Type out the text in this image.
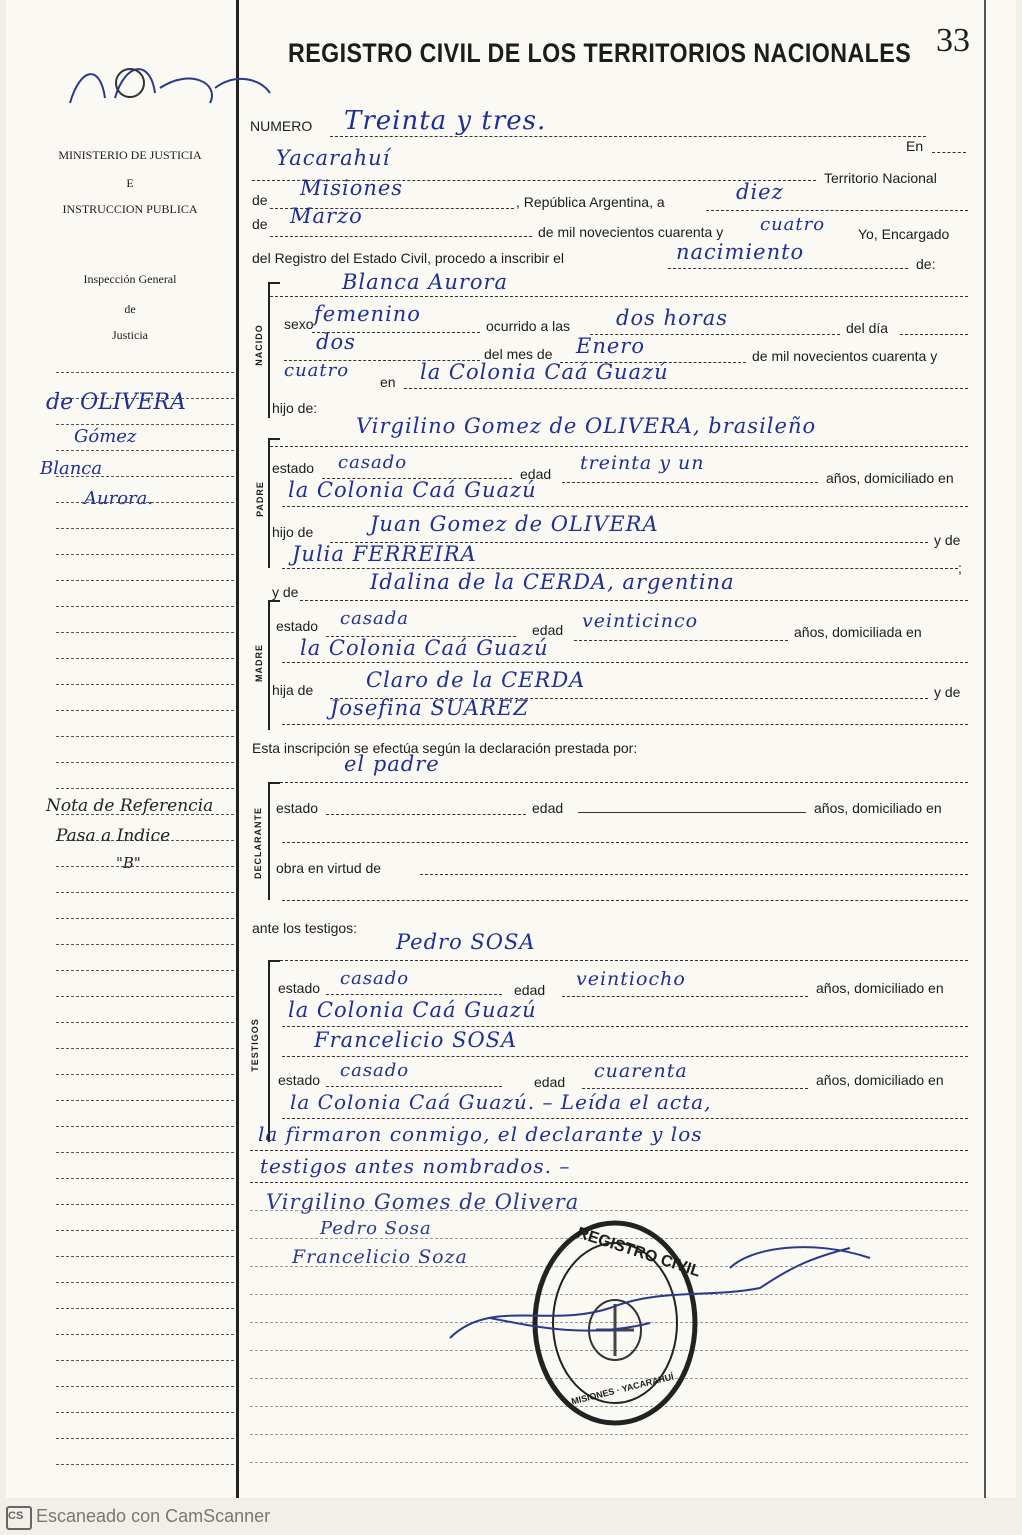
REGISTRO CIVIL DE LOS TERRITORIOS NACIONALES 33
MINISTERIO DE JUSTICIA
E
INSTRUCCION PUBLICA
Inspección General
de
Justicia
de OLIVERA
Gómez
Blanca
Aurora.
Nota de Referencia
Pasa a Indice
"B"
NUMERO Treinta y tres.
En
Yacarahuí
Territorio Nacional
de Misiones
, República Argentina, a	diez
de Marzo
de mil novecientos cuarenta y cuatro Yo, Encargado
del Registro del Estado Civil, procedo a inscribir el	nacimiento	de:
Blanca Aurora
NACIDO
sexo femenino	ocurrido a las dos horas	del día
dos	del mes de Enero	de mil novecientos cuarenta y
cuatro
en la Colonia Caá Guazú
hijo de:
PADRE
Virgilino Gomez de OLIVERA, brasileño
estado casado
edad treinta y un
años, domiciliado en
la Colonia Caá Guazú
hijo de	Juan Gomez de OLIVERA
y de
Julia FERREIRA
;
y de	Idalina de la CERDA, argentina
MADRE
estado casada
edad veinticinco	años, domiciliada en
la Colonia Caá Guazú
hija de	Claro de la CERDA	y de
Josefina SUAREZ
Esta inscripción se efectúa según la declaración prestada por:
el padre
DECLARANTE estado	edad	años, domiciliado en
obra en virtud de
ante los testigos:
Pedro SOSA
TESTIGOS
estado casado
edad veintiocho	años, domiciliado en
la Colonia Caá Guazú
Francelicio SOSA
estado casado
edad cuarenta	años, domiciliado en
la Colonia Caá Guazú. – Leída el acta,
la firmaron conmigo, el declarante y los
testigos antes nombrados. –
Virgilino Gomes de Olivera
Pedro Sosa
Francelicio Soza	REGISTRO CIVIL
MISIONES · YACARAHUÍ
CS Escaneado con CamScanner
